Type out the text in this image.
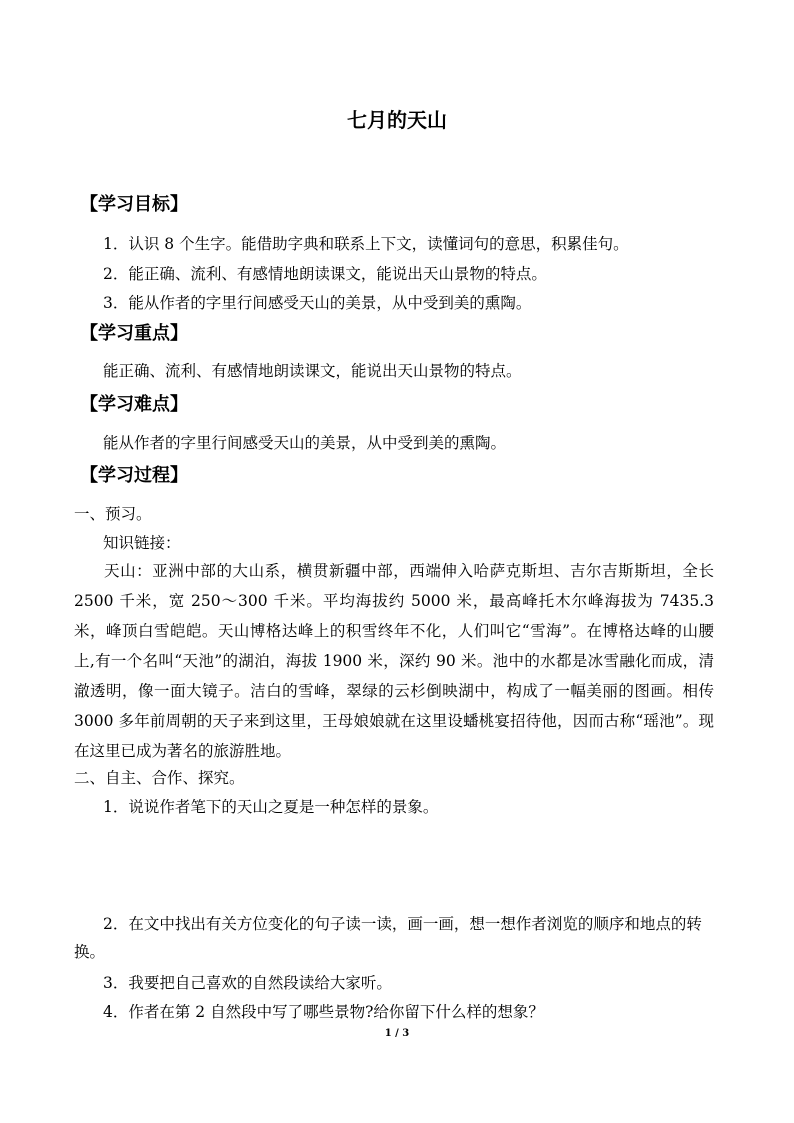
七月的天山
【学习目标】
1．认识 8 个生字。能借助字典和联系上下文，读懂词句的意思，积累佳句。
2．能正确、流利、有感情地朗读课文，能说出天山景物的特点。
3．能从作者的字里行间感受天山的美景，从中受到美的熏陶。
【学习重点】
能正确、流利、有感情地朗读课文，能说出天山景物的特点。
【学习难点】
能从作者的字里行间感受天山的美景，从中受到美的熏陶。
【学习过程】
一、预习。
知识链接：
天山：亚洲中部的大山系，横贯新疆中部，西端伸入哈萨克斯坦、吉尔吉斯斯坦，全长 2500 千米，宽 250～300 千米。平均海拔约 5000 米，最高峰托木尔峰海拔为 7435.3 米，峰顶白雪皑皑。天山博格达峰上的积雪终年不化，人们叫它“雪海”。在博格达峰的山腰上,有一个名叫“天池”的湖泊，海拔 1900 米，深约 90 米。池中的水都是冰雪融化而成，清澈透明，像一面大镜子。洁白的雪峰，翠绿的云杉倒映湖中，构成了一幅美丽的图画。相传 3000 多年前周朝的天子来到这里，王母娘娘就在这里设蟠桃宴招待他，因而古称“瑶池”。现在这里已成为著名的旅游胜地。
二、自主、合作、探究。
1．说说作者笔下的天山之夏是一种怎样的景象。
2．在文中找出有关方位变化的句子读一读，画一画，想一想作者浏览的顺序和地点的转
换。
3．我要把自己喜欢的自然段读给大家听。
4．作者在第 2 自然段中写了哪些景物?给你留下什么样的想象？
1 / 3
